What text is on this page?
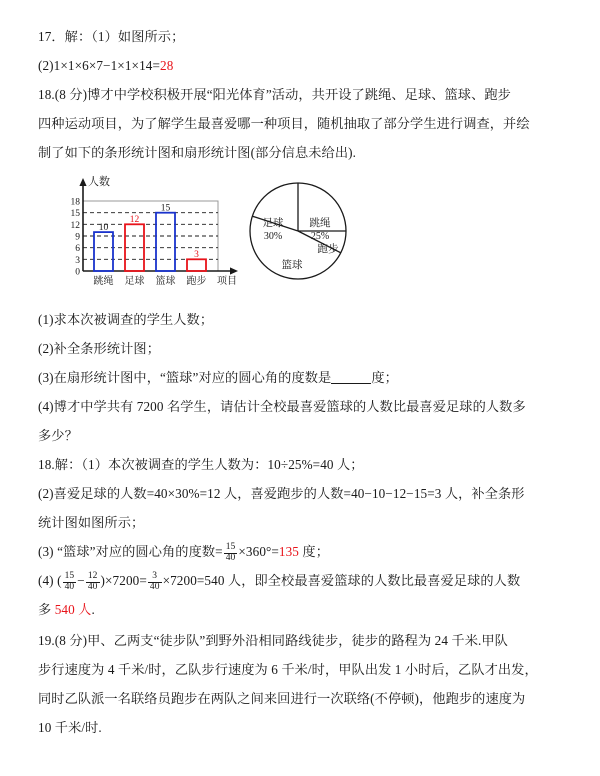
17．解：（1）如图所示；
(2)1×1×6×7−1×1×14=28
18.(8 分)博才中学校积极开展“阳光体育”活动，共开设了跳绳、足球、篮球、跑步
四种运动项目，为了解学生最喜爱哪一种项目，随机抽取了部分学生进行调查，并绘
制了如下的条形统计图和扇形统计图(部分信息未给出).
0
3
6
9
12
15
18
人数
10
12
15
3
跳绳 足球 篮球 跑步 项目
足球
30%
跳绳
25%
跑步
篮球
(1)求本次被调查的学生人数；
(2)补全条形统计图；
(3)在扇形统计图中，“篮球”对应的圆心角的度数是	度；
(4)博才中学共有 7200 名学生，请估计全校最喜爱篮球的人数比最喜爱足球的人数多
多少？
18.解：（1）本次被调查的学生人数为：10÷25%=40 人；
(2)喜爱足球的人数=40×30%=12 人，喜爱跑步的人数=40−10−12−15=3 人，补全条形
统计图如图所示；
(3) “篮球”对应的圆心角的度数= $\frac{15}{40} \times 360^\circ=135$ 度；
(4) ( $\frac{15}{40} - \frac{12}{40} )\times 7200= \frac{3}{40} \times 7200=540$ 人，即全校最喜爱篮球的人数比最喜爱足球的人数
多 540 人.
19.(8 分)甲、乙两支“徒步队”到野外沿相同路线徒步，徒步的路程为 24 千米.甲队
步行速度为 4 千米/时，乙队步行速度为 6 千米/时，甲队出发 1 小时后，乙队才出发，
同时乙队派一名联络员跑步在两队之间来回进行一次联络(不停顿)，他跑步的速度为
10 千米/时.
